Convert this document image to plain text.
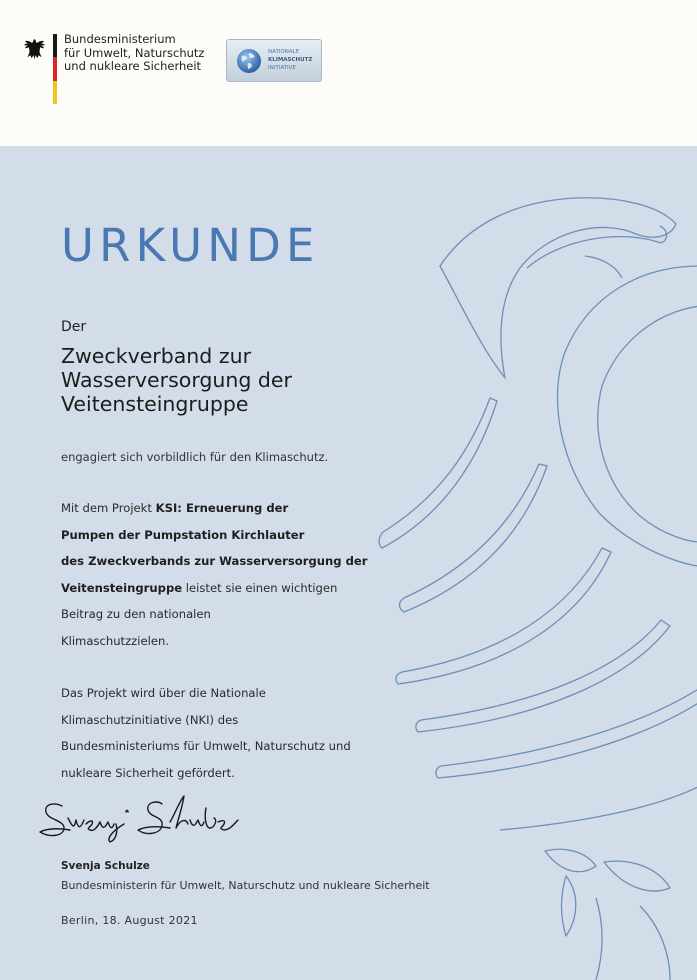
Bundesministerium
für Umwelt, Naturschutz
und nukleare Sicherheit

NATIONALE
KLIMASCHUTZ
INITIATIVE
URKUNDE

Der

Zweckverband zur
Wasserversorgung der
Veitensteingruppe

engagiert sich vorbildlich für den Klimaschutz.

Mit dem Projekt KSI: Erneuerung der
Pumpen der Pumpstation Kirchlauter
des Zweckverbands zur Wasserversorgung der
Veitensteingruppe leistet sie einen wichtigen
Beitrag zu den nationalen
Klimaschutzzielen.

Das Projekt wird über die Nationale
Klimaschutzinitiative (NKI) des
Bundesministeriums für Umwelt, Naturschutz und
nukleare Sicherheit gefördert.

Svenja Schulze

Bundesministerin für Umwelt, Naturschutz und nukleare Sicherheit

Berlin, 18. August 2021
